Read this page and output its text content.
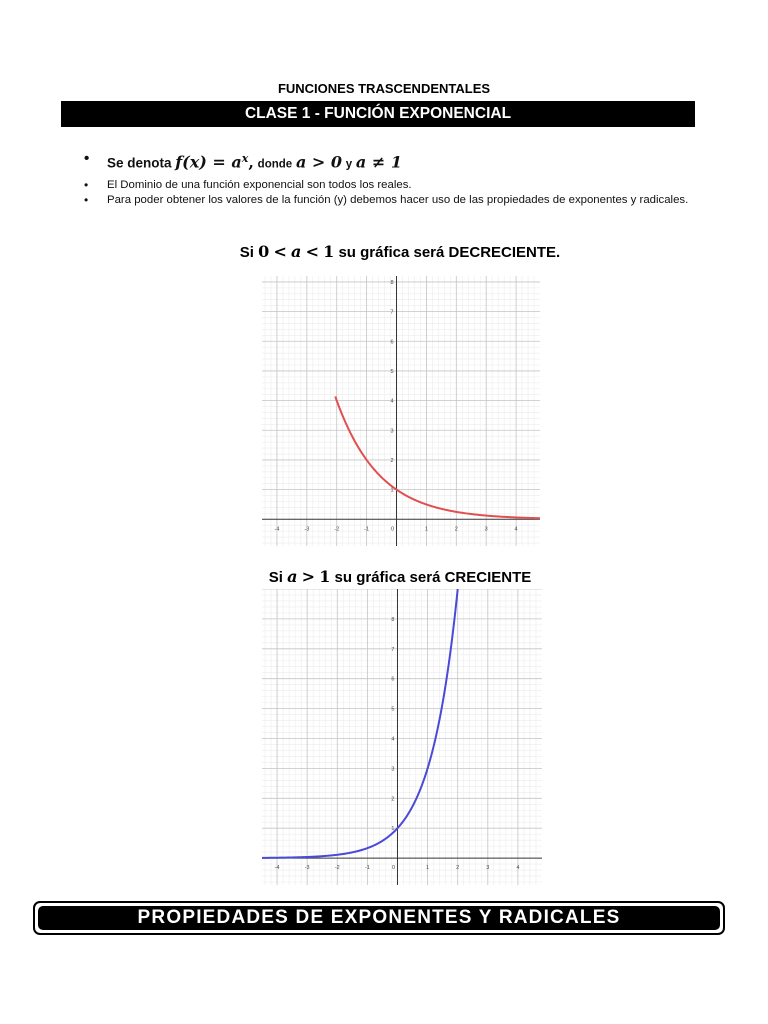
FUNCIONES TRASCENDENTALES
CLASE 1 - FUNCIÓN EXPONENCIAL
• Se denota $f(x) = a^x$, donde a > 0 y a ≠ 1
• El Dominio de una función exponencial son todos los reales.
• Para poder obtener los valores de la función (y) debemos hacer uso de las propiedades de exponentes y radicales.
Si 0 < a < 1 su gráfica será DECRECIENTE.
-4	-3	-2	-1	0	1	2	3	4
1
2
3
4
5
6
7
8
Si a > 1 su gráfica será CRECIENTE
-4	-3	-2	-1	0	1	2	3	4
1
2
3
4
5
6
7
8
PROPIEDADES DE EXPONENTES Y RADICALES
